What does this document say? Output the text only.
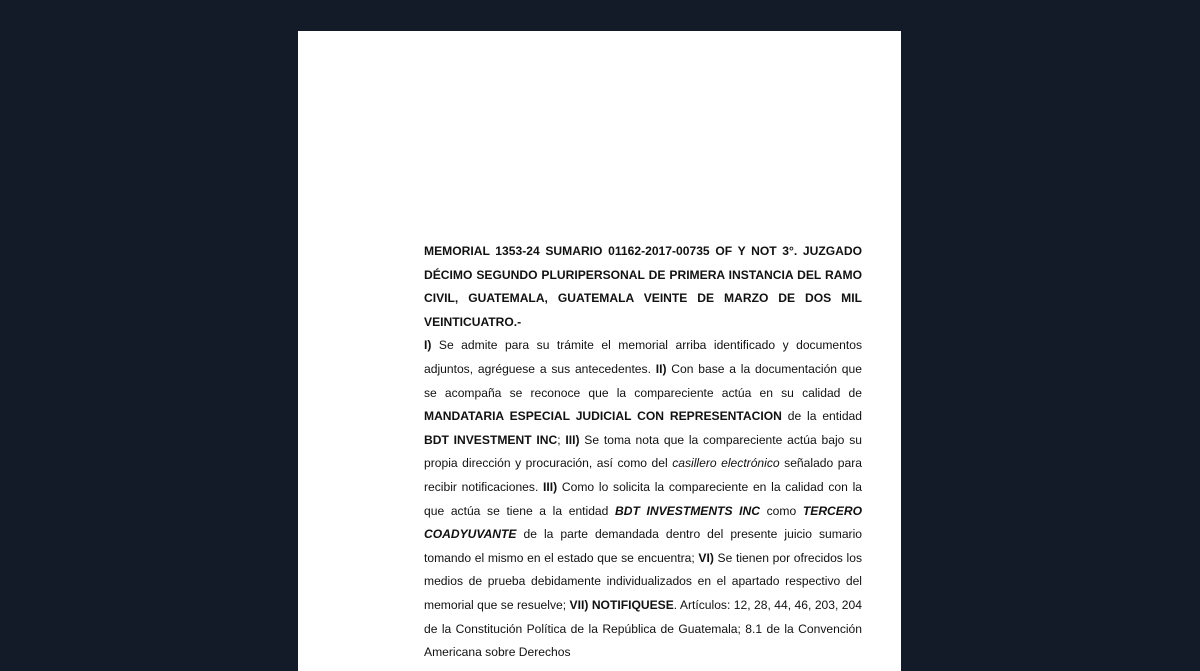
MEMORIAL 1353-24 SUMARIO 01162-2017-00735 OF Y NOT 3°. JUZGADO DÉCIMO SEGUNDO PLURIPERSONAL DE PRIMERA INSTANCIA DEL RAMO CIVIL, GUATEMALA, GUATEMALA VEINTE DE MARZO DE DOS MIL VEINTICUATRO.-

I) Se admite para su trámite el memorial arriba identificado y documentos adjuntos, agréguese a sus antecedentes. II) Con base a la documentación que se acompaña se reconoce que la compareciente actúa en su calidad de MANDATARIA ESPECIAL JUDICIAL CON REPRESENTACION de la entidad BDT INVESTMENT INC; III) Se toma nota que la compareciente actúa bajo su propia dirección y procuración, así como del casillero electrónico señalado para recibir notificaciones. III) Como lo solicita la compareciente en la calidad con la que actúa se tiene a la entidad BDT INVESTMENTS INC como TERCERO COADYUVANTE de la parte demandada dentro del presente juicio sumario tomando el mismo en el estado que se encuentra; VI) Se tienen por ofrecidos los medios de prueba debidamente individualizados en el apartado respectivo del memorial que se resuelve; VII) NOTIFIQUESE. Artículos: 12, 28, 44, 46, 203, 204 de la Constitución Política de la República de Guatemala; 8.1 de la Convención Americana sobre Derechos
